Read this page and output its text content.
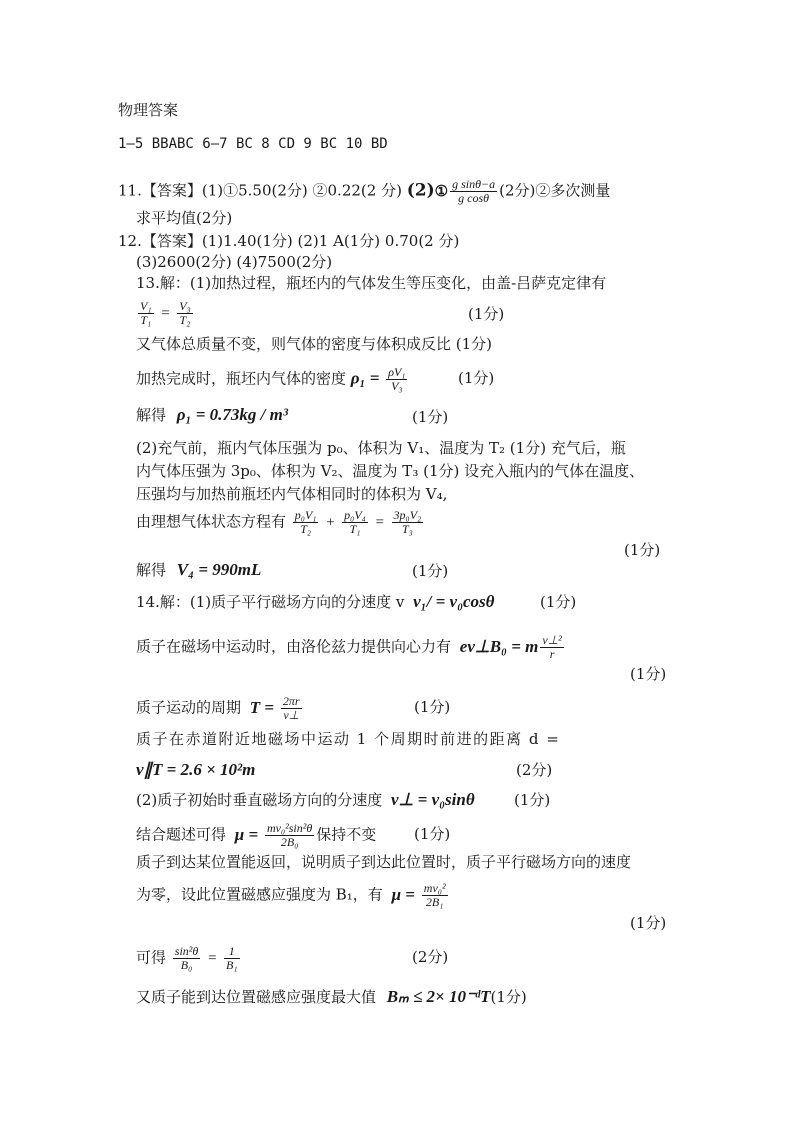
物理答案
1—5 BBABC 6—7 BC 8 CD 9 BC 10 BD
11.【答案】(1)①5.50(2分) ②0.22(2 分) (2)① $\frac{\text{g sinθ−a}}{\text{g cosθ}} (2$分)②多次测量
求平均值(2分)
12.【答案】(1)1.40(1分) (2)1 A(1分) 0.70(2 分)
(3)2600(2分) (4)7500(2分)
13.解：(1)加热过程，瓶坯内的气体发生等压变化，由盖-吕萨克定律有
$\frac{\text{V₁}}{\text{T₁}} = \frac{\text{V₃}}{\text{T₂}}$	(1分)
又气体总质量不变，则气体的密度与体积成反比 (1分)
加热完成时，瓶坯内气体的密度 $\rho_1 = \frac{\text{ρV₁}}{\text{V₃}}$	(1分)
解得 ρ₁ = 0.73kg / m³	(1分)
(2)充气前，瓶内气体压强为 p₀、体积为 V₁、温度为 T₂ (1分) 充气后，瓶
内气体压强为 3p₀、体积为 V₂、温度为 T₃ (1分) 设充入瓶内的气体在温度、
压强均与加热前瓶坯内气体相同时的体积为 V₄,
由理想气体状态方程有 $\frac{\text{p₀V₁}}{\text{T₂}} + \frac{\text{p₀V₄}}{\text{T₁}} = \frac{\text{3p₀V₂}}{\text{T₃}}$
(1分)
解得 V₄ = 990mL	(1分)
14.解：(1)质子平行磁场方向的分速度 v v₁/ = v₀cosθ	(1分)
质子在磁场中运动时，由洛伦兹力提供向心力有 ev⊥B₀ = m $\frac{\text{v⊥²}}{r}$
(1分)
质子运动的周期 $T = \frac{2\pi r}{v\perp}$	(1分)
质子在赤道附近地磁场中运动 1 个周期时前进的距离 d =
v∥T = 2.6 × 10²m	(2分)
(2)质子初始时垂直磁场方向的分速度 v⊥ = v₀sinθ	(1分)
结合题述可得 $\mu = \frac{\text{mv₀²sin²θ}}{\text{2B₀}}$ 保持不变	(1分)
质子到达某位置能返回，说明质子到达此位置时，质子平行磁场方向的速度
为零，设此位置磁感应强度为 B₁，有 $\mu = \frac{\text{mv₀²}}{\text{2B₁}}$
(1分)
可得 $\frac{\text{sin²θ}}{\text{B₀}} = \frac{1}{\text{B₁}}$	(2分)
又质子能到达位置磁感应强度最大值 Bₘ ≤ 2× 10⁻ᵈT(1分)
